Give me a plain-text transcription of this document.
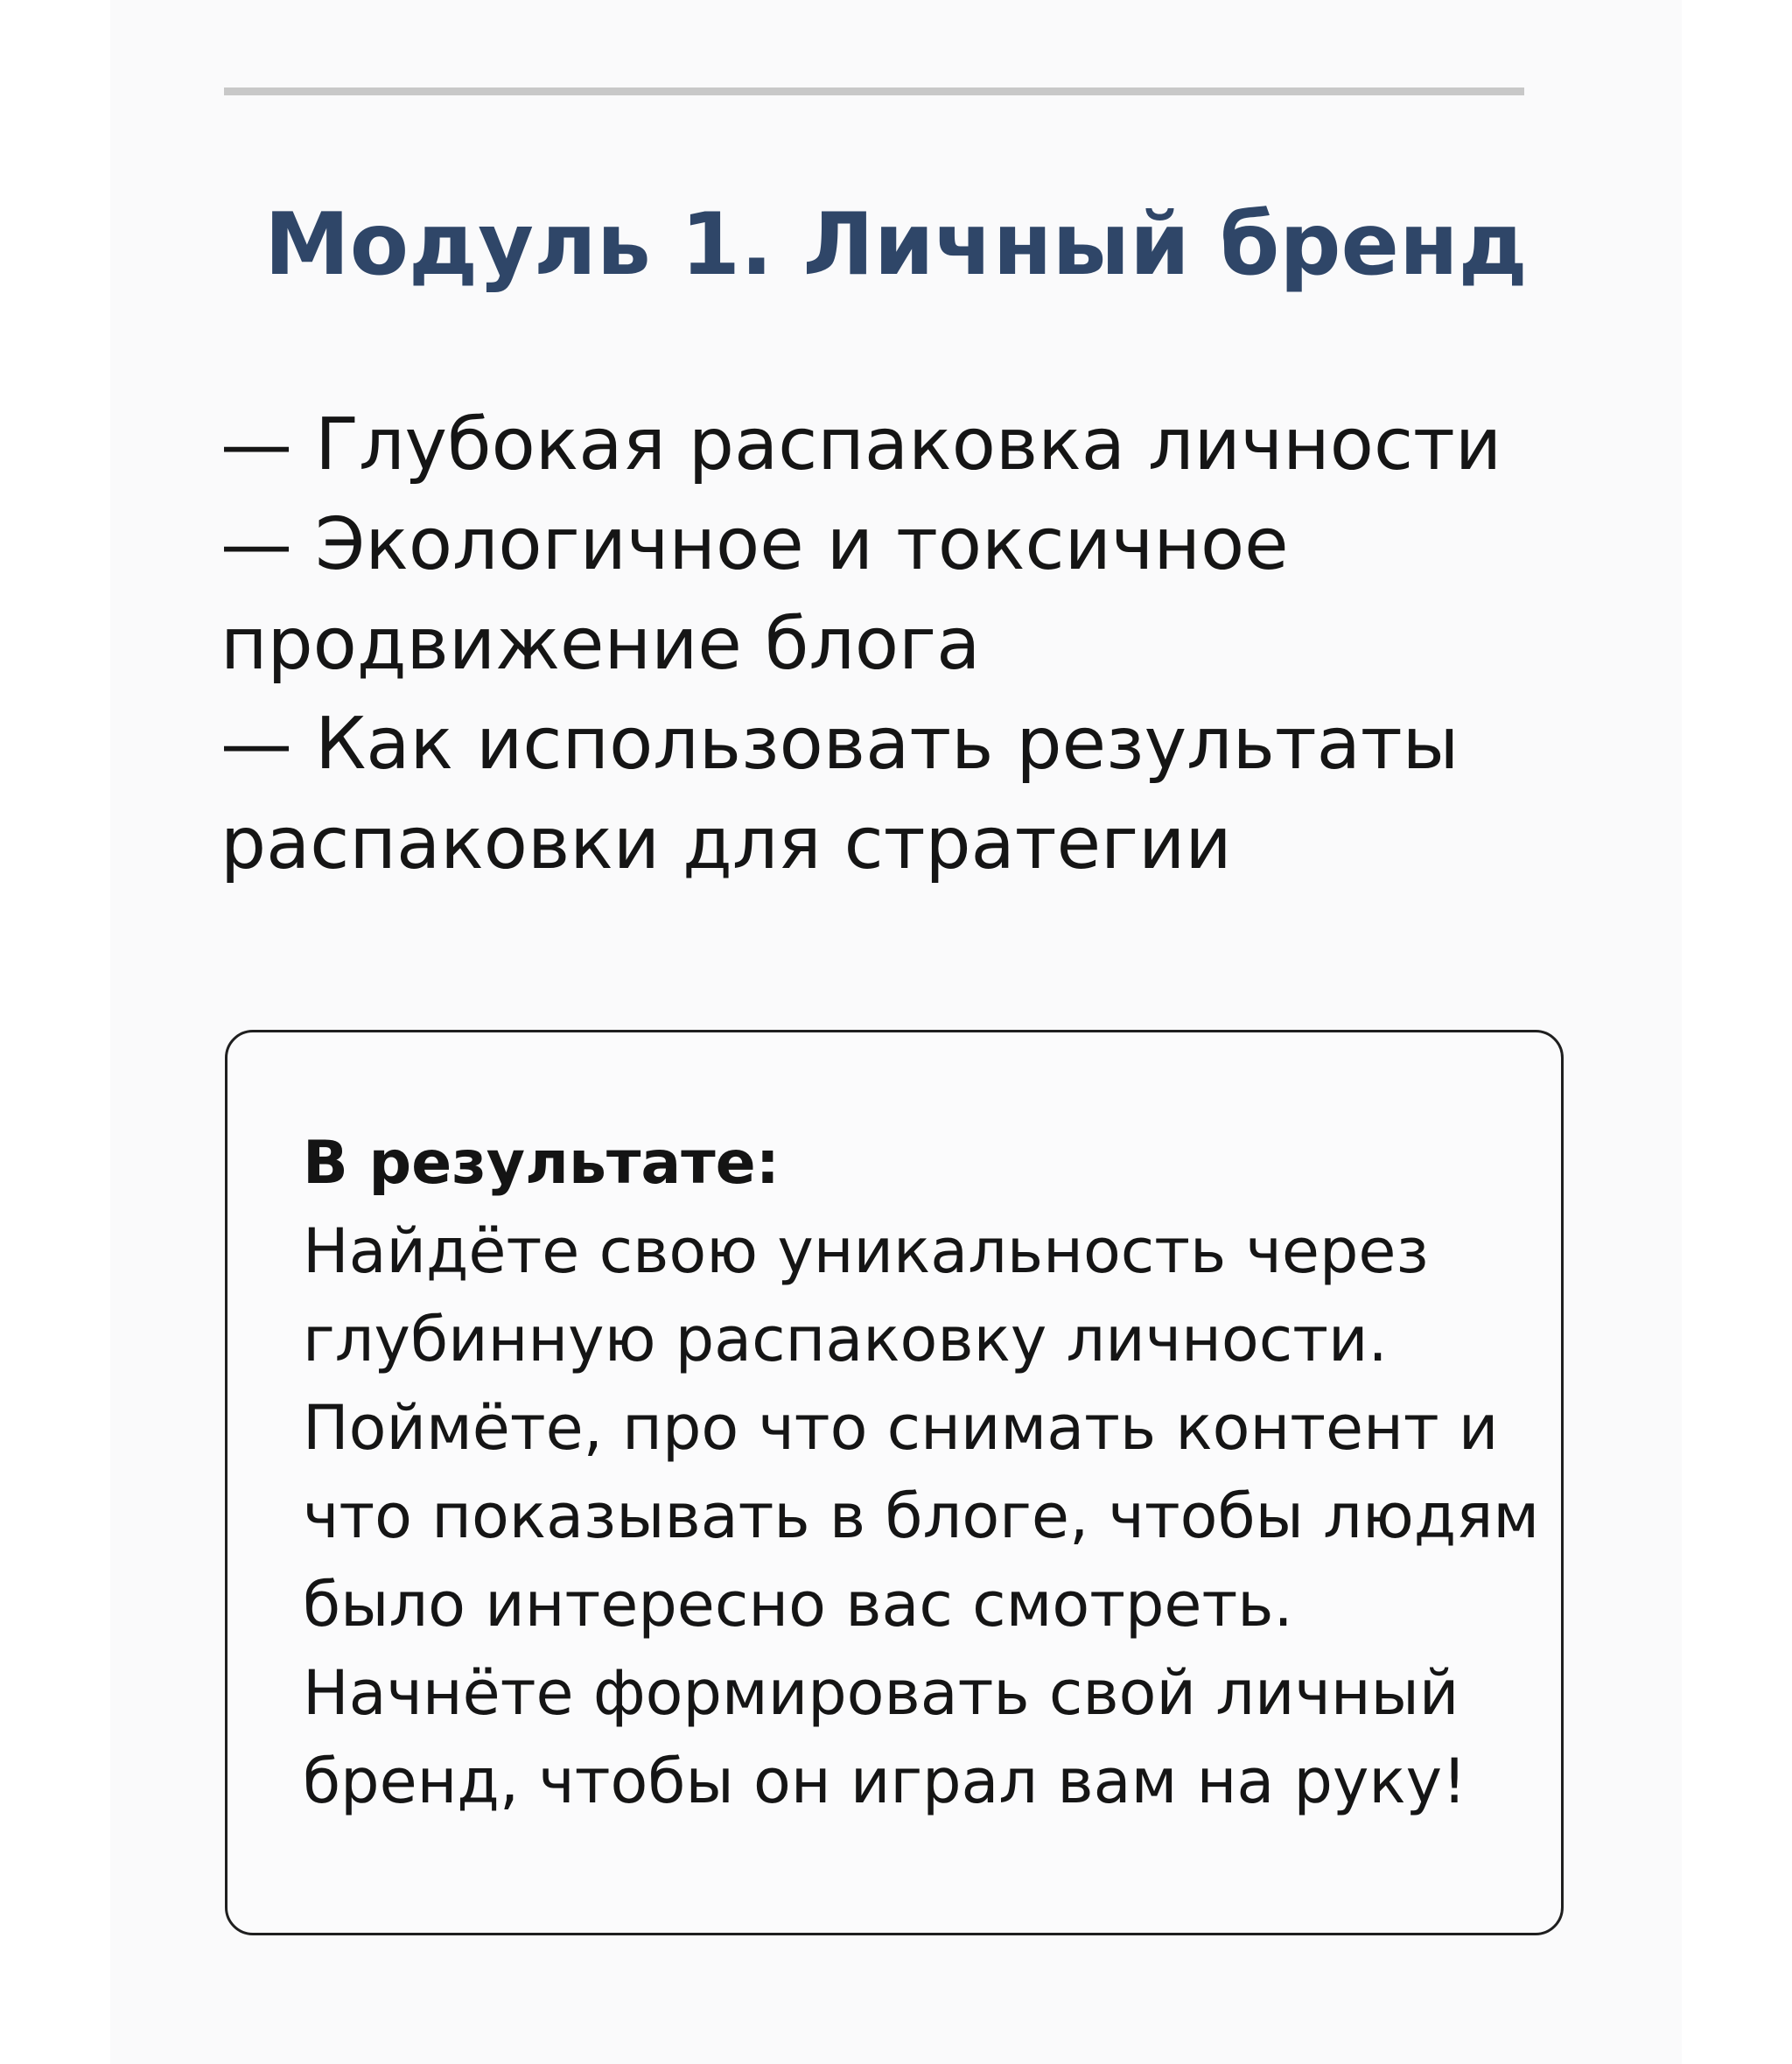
Модуль 1. Личный бренд
— Глубокая распаковка личности
— Экологичное и токсичное продвижение блога
— Как использовать результаты распаковки для стратегии
В результате:
Найдёте свою уникальность через
глубинную распаковку личности.
Поймёте, про что снимать контент и
что показывать в блоге, чтобы людям
было интересно вас смотреть.
Начнёте формировать свой личный
бренд, чтобы он играл вам на руку!
